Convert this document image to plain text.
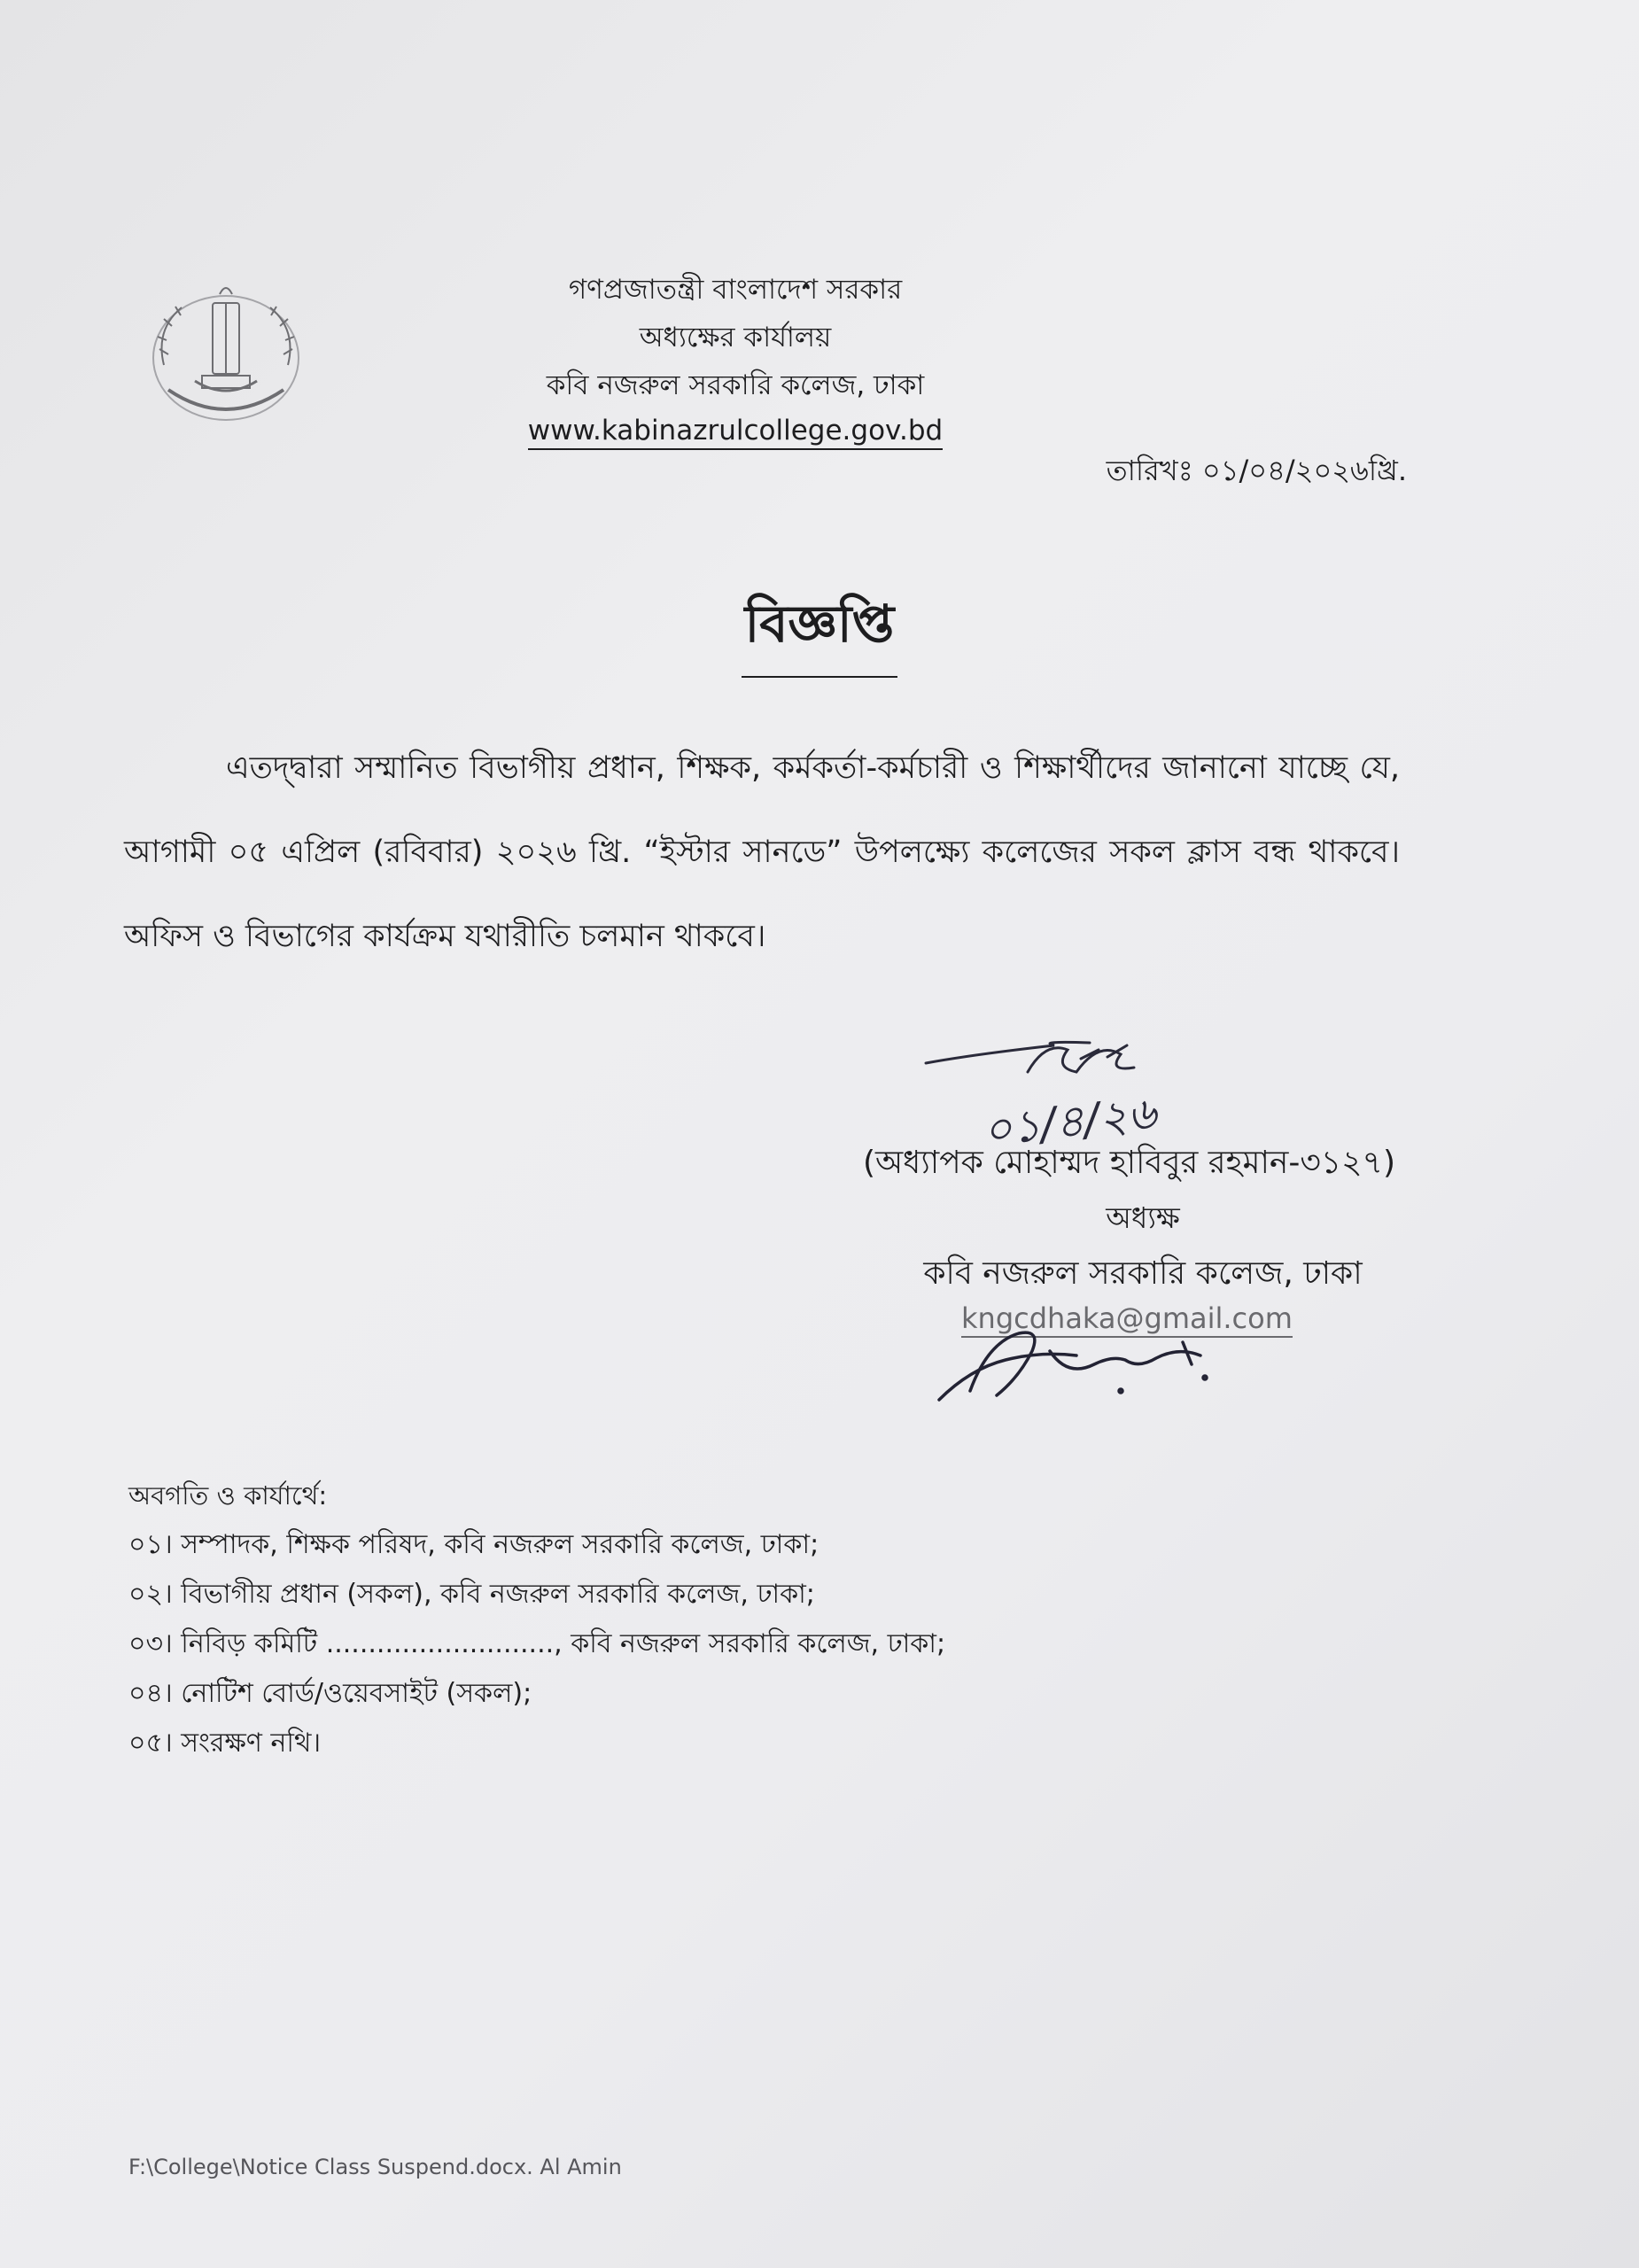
গণপ্রজাতন্ত্রী বাংলাদেশ সরকার
অধ্যক্ষের কার্যালয়
কবি নজরুল সরকারি কলেজ, ঢাকা
www.kabinazrulcollege.gov.bd
তারিখঃ ০১/০৪/২০২৬খ্রি.
বিজ্ঞপ্তি
এতদ্দ্বারা সম্মানিত বিভাগীয় প্রধান, শিক্ষক, কর্মকর্তা-কর্মচারী ও শিক্ষার্থীদের জানানো যাচ্ছে যে, আগামী ০৫ এপ্রিল (রবিবার) ২০২৬ খ্রি. “ইস্টার সানডে” উপলক্ষ্যে কলেজের সকল ক্লাস বন্ধ থাকবে। অফিস ও বিভাগের কার্যক্রম যথারীতি চলমান থাকবে।
০১/৪/২৬
(অধ্যাপক মোহাম্মদ হাবিবুর রহমান-৩১২৭)
অধ্যক্ষ
কবি নজরুল সরকারি কলেজ, ঢাকা
kngcdhaka@gmail.com
অবগতি ও কার্যার্থে:
০১। সম্পাদক, শিক্ষক পরিষদ, কবি নজরুল সরকারি কলেজ, ঢাকা;
০২। বিভাগীয় প্রধান (সকল), কবি নজরুল সরকারি কলেজ, ঢাকা;
০৩। নিবিড় কমিটি ..........................., কবি নজরুল সরকারি কলেজ, ঢাকা;
০৪। নোটিশ বোর্ড/ওয়েবসাইট (সকল);
০৫। সংরক্ষণ নথি।
F:\College\Notice Class Suspend.docx. Al Amin
